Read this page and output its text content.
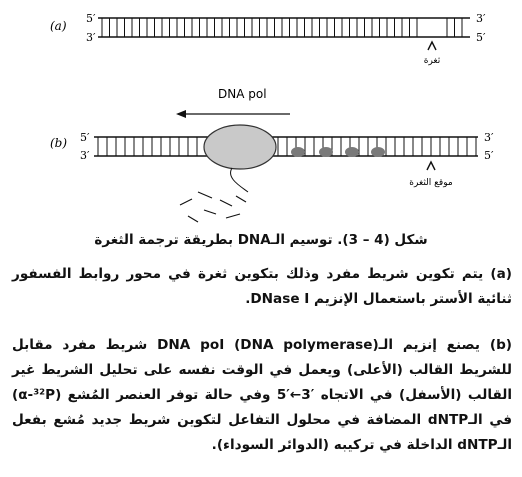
(a)
5′	3′
3′	5′
ثغرة
DNA pol
(b) 5′	3′
3′	5′
موقع الثغرة
شكل (4 – 3). توسيم الـDNA بطريقة ترجمة الثغرة
(a) يتم تكوين شريط مفرد وذلك بتكوين ثغرة في محور روابط الفسفور ثنائية الأستر باستعمال الإنزيم DNase I.
(b) يصنع إنزيم الـDNA poI (DNA polymerase) شريط مفرد مقابل للشريط القالب (الأعلى) ويعمل في الوقت نفسه على تحليل الشريط غير القالب (الأسفل) في الاتجاه ′3←′5 وفي حالة توفر العنصر المُشع (α-³²P) في الـdNTP المضافة في محلول التفاعل لتكوين شريط جديد مُشع بفعل الـdNTP الداخلة في تركيبه (الدوائر السوداء).
